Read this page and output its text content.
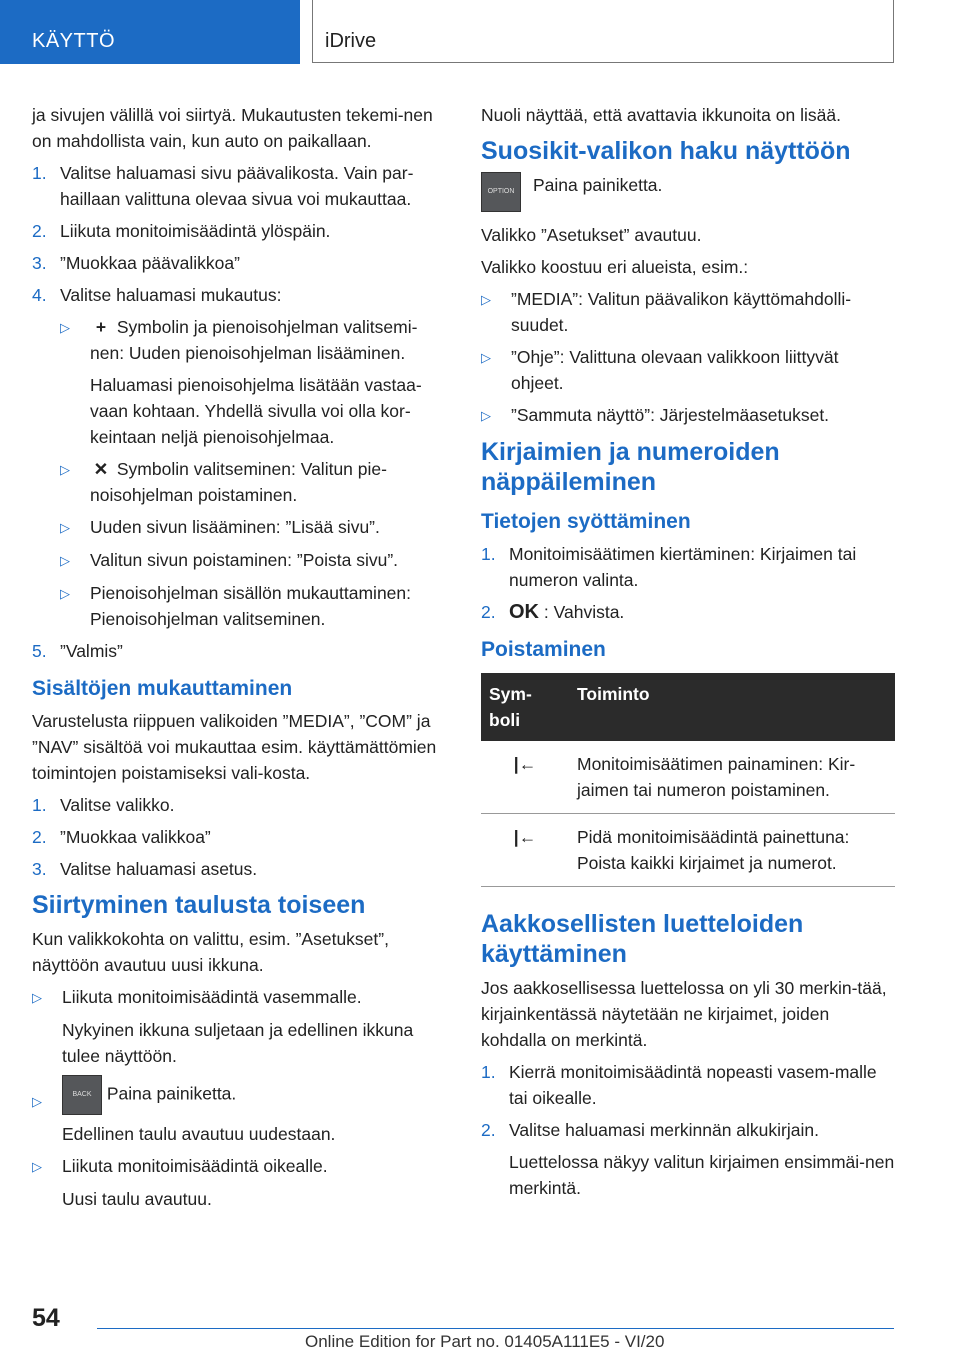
KÄYTTÖ	iDrive

ja sivujen välillä voi siirtyä. Mukautusten tekemi-nen on mahdollista vain, kun auto on paikallaan.

1. Valitse haluamasi sivu päävalikosta. Vain par-haillaan valittuna olevaa sivua voi mukauttaa.
2. Liikuta monitoimisäädintä ylöspäin.
3. ”Muokkaa päävalikkoa”
4. Valitse haluamasi mukautus:
▷	+ Symbolin ja pienoisohjelman valitsemi-nen: Uuden pienoisohjelman lisääminen.

Haluamasi pienoisohjelma lisätään vastaa-vaan kohtaan. Yhdellä sivulla voi olla kor-keintaan neljä pienoisohjelmaa.

▷	✕ Symbolin valitseminen: Valitun pie-noisohjelman poistaminen.
▷	Uuden sivun lisääminen: ”Lisää sivu”.
▷	Valitun sivun poistaminen: ”Poista sivu”.
▷	Pienoisohjelman sisällön mukauttaminen: Pienoisohjelman valitseminen.
5. ”Valmis”
Sisältöjen mukauttaminen

Varustelusta riippuen valikoiden ”MEDIA”, ”COM” ja ”NAV” sisältöä voi mukauttaa esim. käyttämättömien toimintojen poistamiseksi vali-kosta.

1. Valitse valikko.
2. ”Muokkaa valikkoa”
3. Valitse haluamasi asetus.
Siirtyminen taulusta toiseen

Kun valikkokohta on valittu, esim. ”Asetukset”, näyttöön avautuu uusi ikkuna.

▷	Liikuta monitoimisäädintä vasemmalle.

Nykyinen ikkuna suljetaan ja edellinen ikkuna tulee näyttöön.

▷	BACK Paina painiketta.

Edellinen taulu avautuu uudestaan.

▷	Liikuta monitoimisäädintä oikealle.

Uusi taulu avautuu.

Nuoli näyttää, että avattavia ikkunoita on lisää.

Suosikit-valikon haku näyttöön
OPTION	Paina painiketta.

Valikko ”Asetukset” avautuu.

Valikko koostuu eri alueista, esim.:

▷	”MEDIA”: Valitun päävalikon käyttömahdolli-suudet.
▷	”Ohje”: Valittuna olevaan valikkoon liittyvät ohjeet.
▷	”Sammuta näyttö”: Järjestelmäasetukset.
Kirjaimien ja numeroiden näppäileminen
Tietojen syöttäminen
1. Monitoimisäätimen kiertäminen: Kirjaimen tai numeron valinta.
2. OK : Vahvista.
Poistaminen
Sym-boli	Toiminto
|←	Monitoimisäätimen painaminen: Kir-jaimen tai numeron poistaminen.
|←	Pidä monitoimisäädintä painettuna: Poista kaikki kirjaimet ja numerot.
Aakkosellisten luetteloiden käyttäminen

Jos aakkosellisessa luettelossa on yli 30 merkin-tää, kirjainkentässä näytetään ne kirjaimet, joiden kohdalla on merkintä.

1. Kierrä monitoimisäädintä nopeasti vasem-malle tai oikealle.
2. Valitse haluamasi merkinnän alkukirjain.

Luettelossa näkyy valitun kirjaimen ensimmäi-nen merkintä.

54
Online Edition for Part no. 01405A111E5 - VI/20
